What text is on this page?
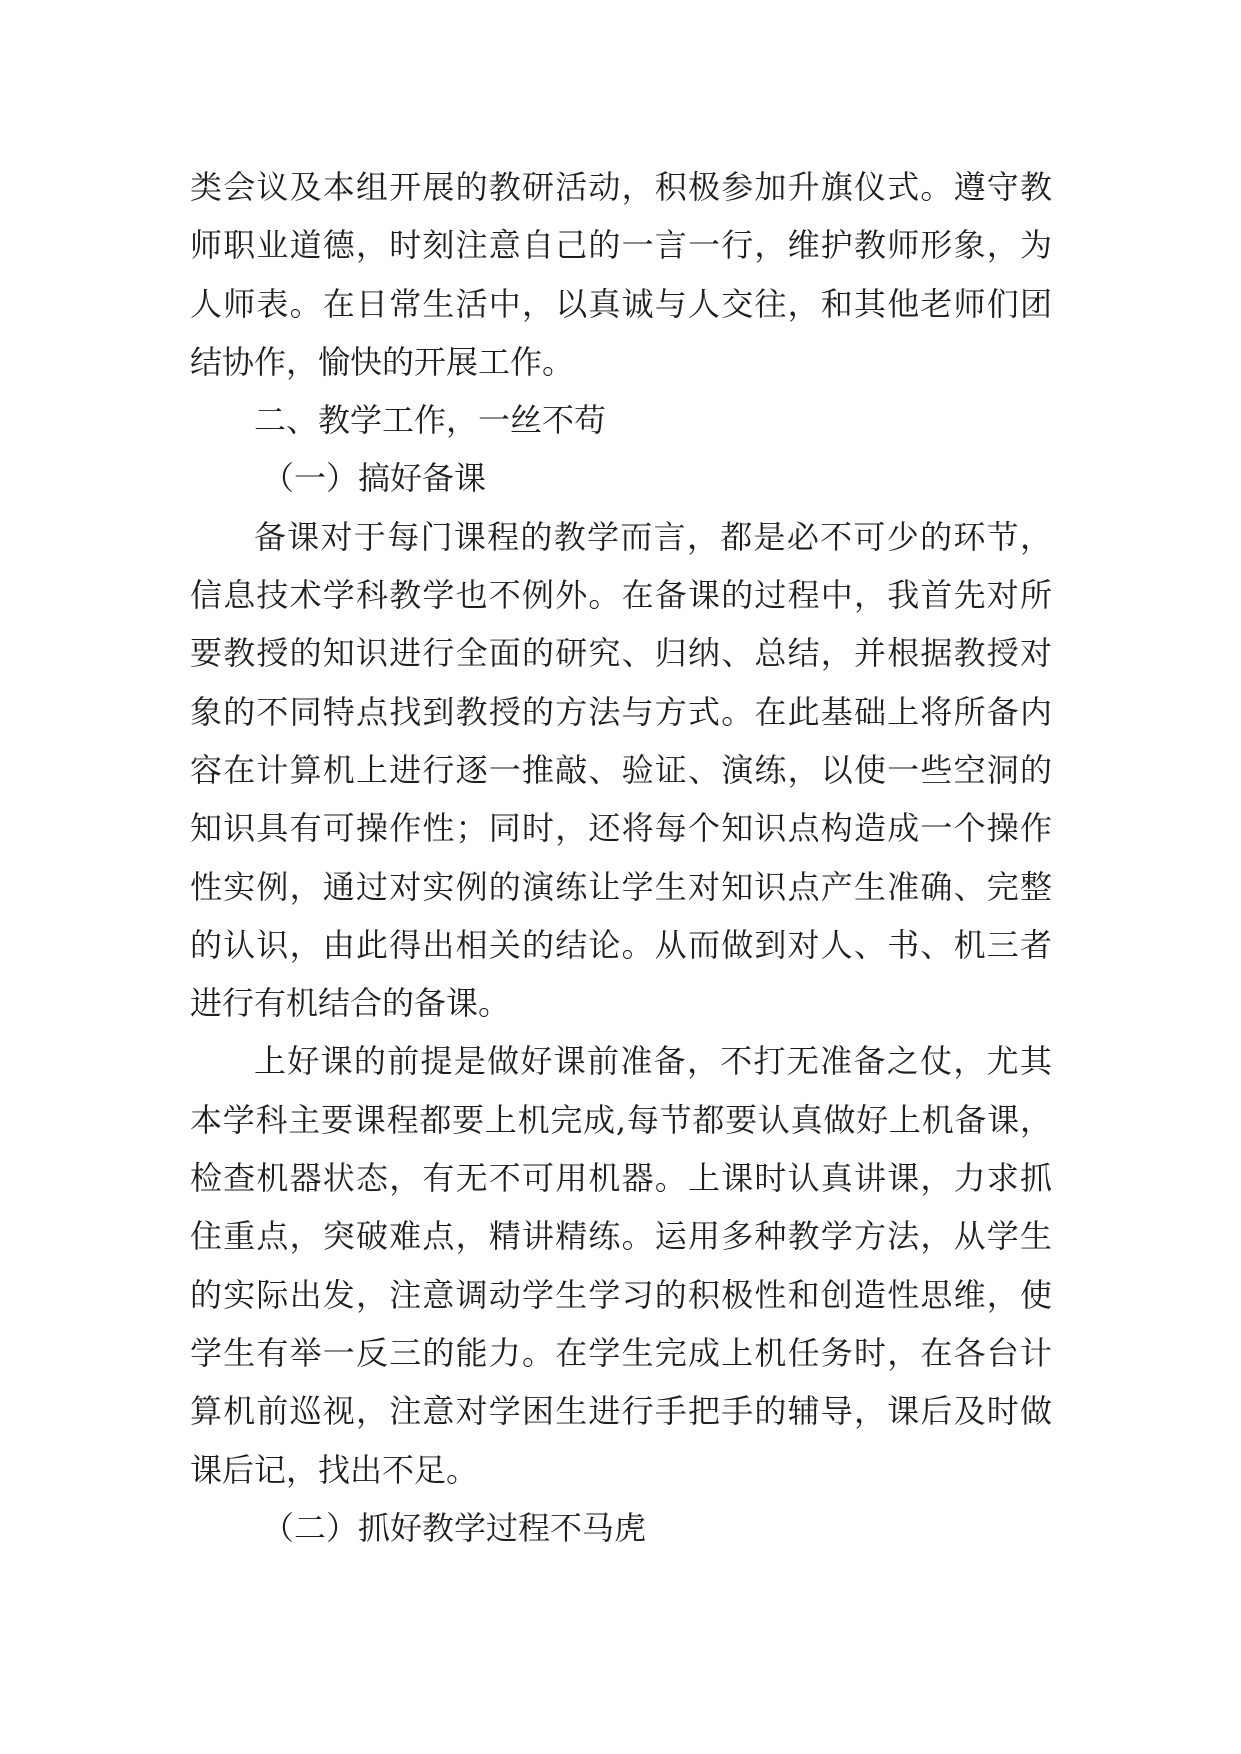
类会议及本组开展的教研活动，积极参加升旗仪式。遵守教
师职业道德，时刻注意自己的一言一行，维护教师形象，为
人师表。在日常生活中，以真诚与人交往，和其他老师们团
结协作，愉快的开展工作。
二、教学工作，一丝不苟
（一）搞好备课
备课对于每门课程的教学而言，都是必不可少的环节，
信息技术学科教学也不例外。在备课的过程中，我首先对所
要教授的知识进行全面的研究、归纳、总结，并根据教授对
象的不同特点找到教授的方法与方式。在此基础上将所备内
容在计算机上进行逐一推敲、验证、演练，以使一些空洞的
知识具有可操作性；同时，还将每个知识点构造成一个操作
性实例，通过对实例的演练让学生对知识点产生准确、完整
的认识，由此得出相关的结论。从而做到对人、书、机三者
进行有机结合的备课。
上好课的前提是做好课前准备，不打无准备之仗，尤其
本学科主要课程都要上机完成,每节都要认真做好上机备课，
检查机器状态，有无不可用机器。上课时认真讲课，力求抓
住重点，突破难点，精讲精练。运用多种教学方法，从学生
的实际出发，注意调动学生学习的积极性和创造性思维，使
学生有举一反三的能力。在学生完成上机任务时，在各台计
算机前巡视，注意对学困生进行手把手的辅导，课后及时做
课后记，找出不足。
（二）抓好教学过程不马虎
